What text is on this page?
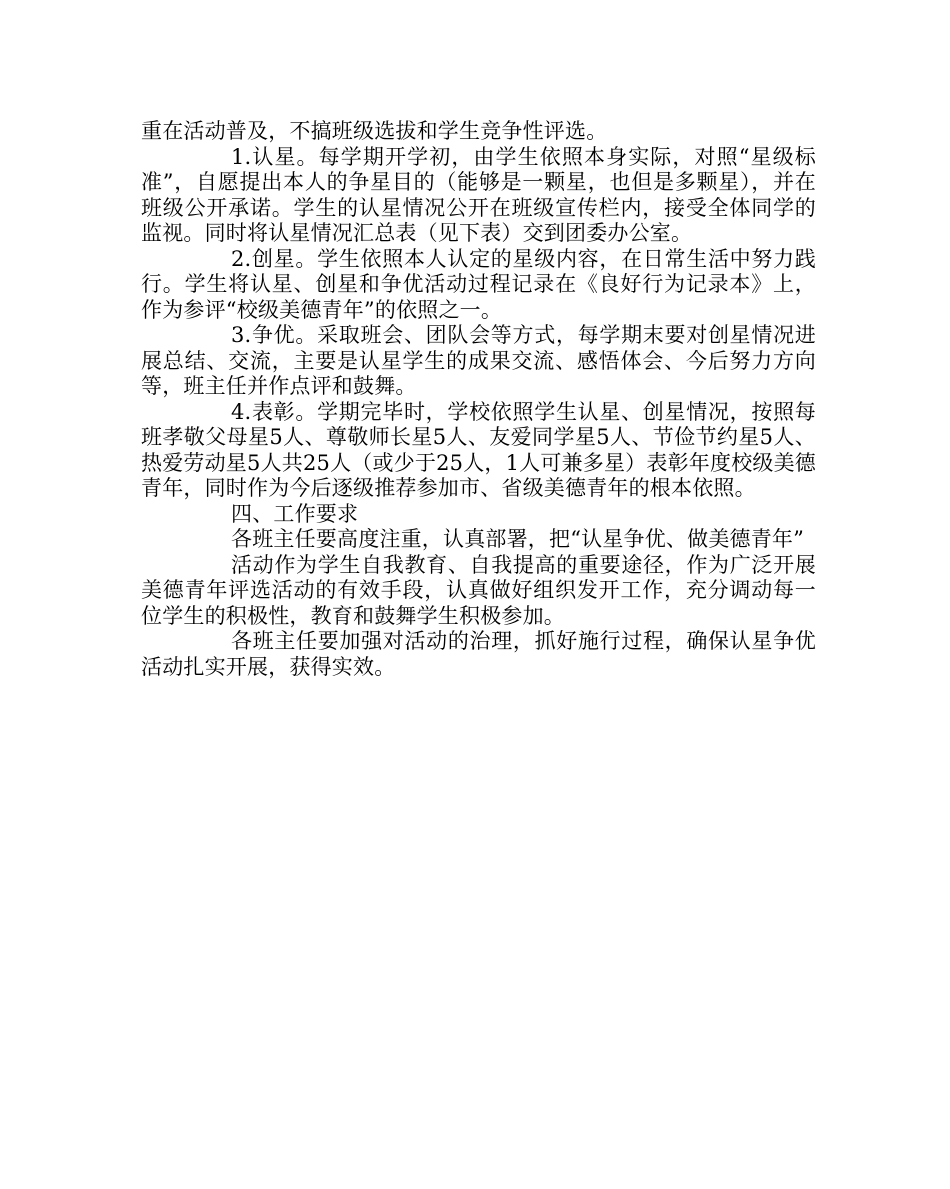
重在活动普及，不搞班级选拔和学生竞争性评选。

1.认星。每学期开学初，由学生依照本身实际，对照“星级标准”，自愿提出本人的争星目的（能够是一颗星，也但是多颗星），并在班级公开承诺。学生的认星情况公开在班级宣传栏内，接受全体同学的监视。同时将认星情况汇总表（见下表）交到团委办公室。

2.创星。学生依照本人认定的星级内容，在日常生活中努力践行。学生将认星、创星和争优活动过程记录在《良好行为记录本》上，作为参评“校级美德青年”的依照之一。

3.争优。采取班会、团队会等方式，每学期末要对创星情况进展总结、交流，主要是认星学生的成果交流、感悟体会、今后努力方向等，班主任并作点评和鼓舞。

4.表彰。学期完毕时，学校依照学生认星、创星情况，按照每班孝敬父母星5人、尊敬师长星5人、友爱同学星5人、节俭节约星5人、热爱劳动星5人共25人（或少于25人，1人可兼多星）表彰年度校级美德青年，同时作为今后逐级推荐参加市、省级美德青年的根本依照。

四、工作要求

各班主任要高度注重，认真部署，把“认星争优、做美德青年”

活动作为学生自我教育、自我提高的重要途径，作为广泛开展美德青年评选活动的有效手段，认真做好组织发开工作，充分调动每一位学生的积极性，教育和鼓舞学生积极参加。

各班主任要加强对活动的治理，抓好施行过程，确保认星争优活动扎实开展，获得实效。
